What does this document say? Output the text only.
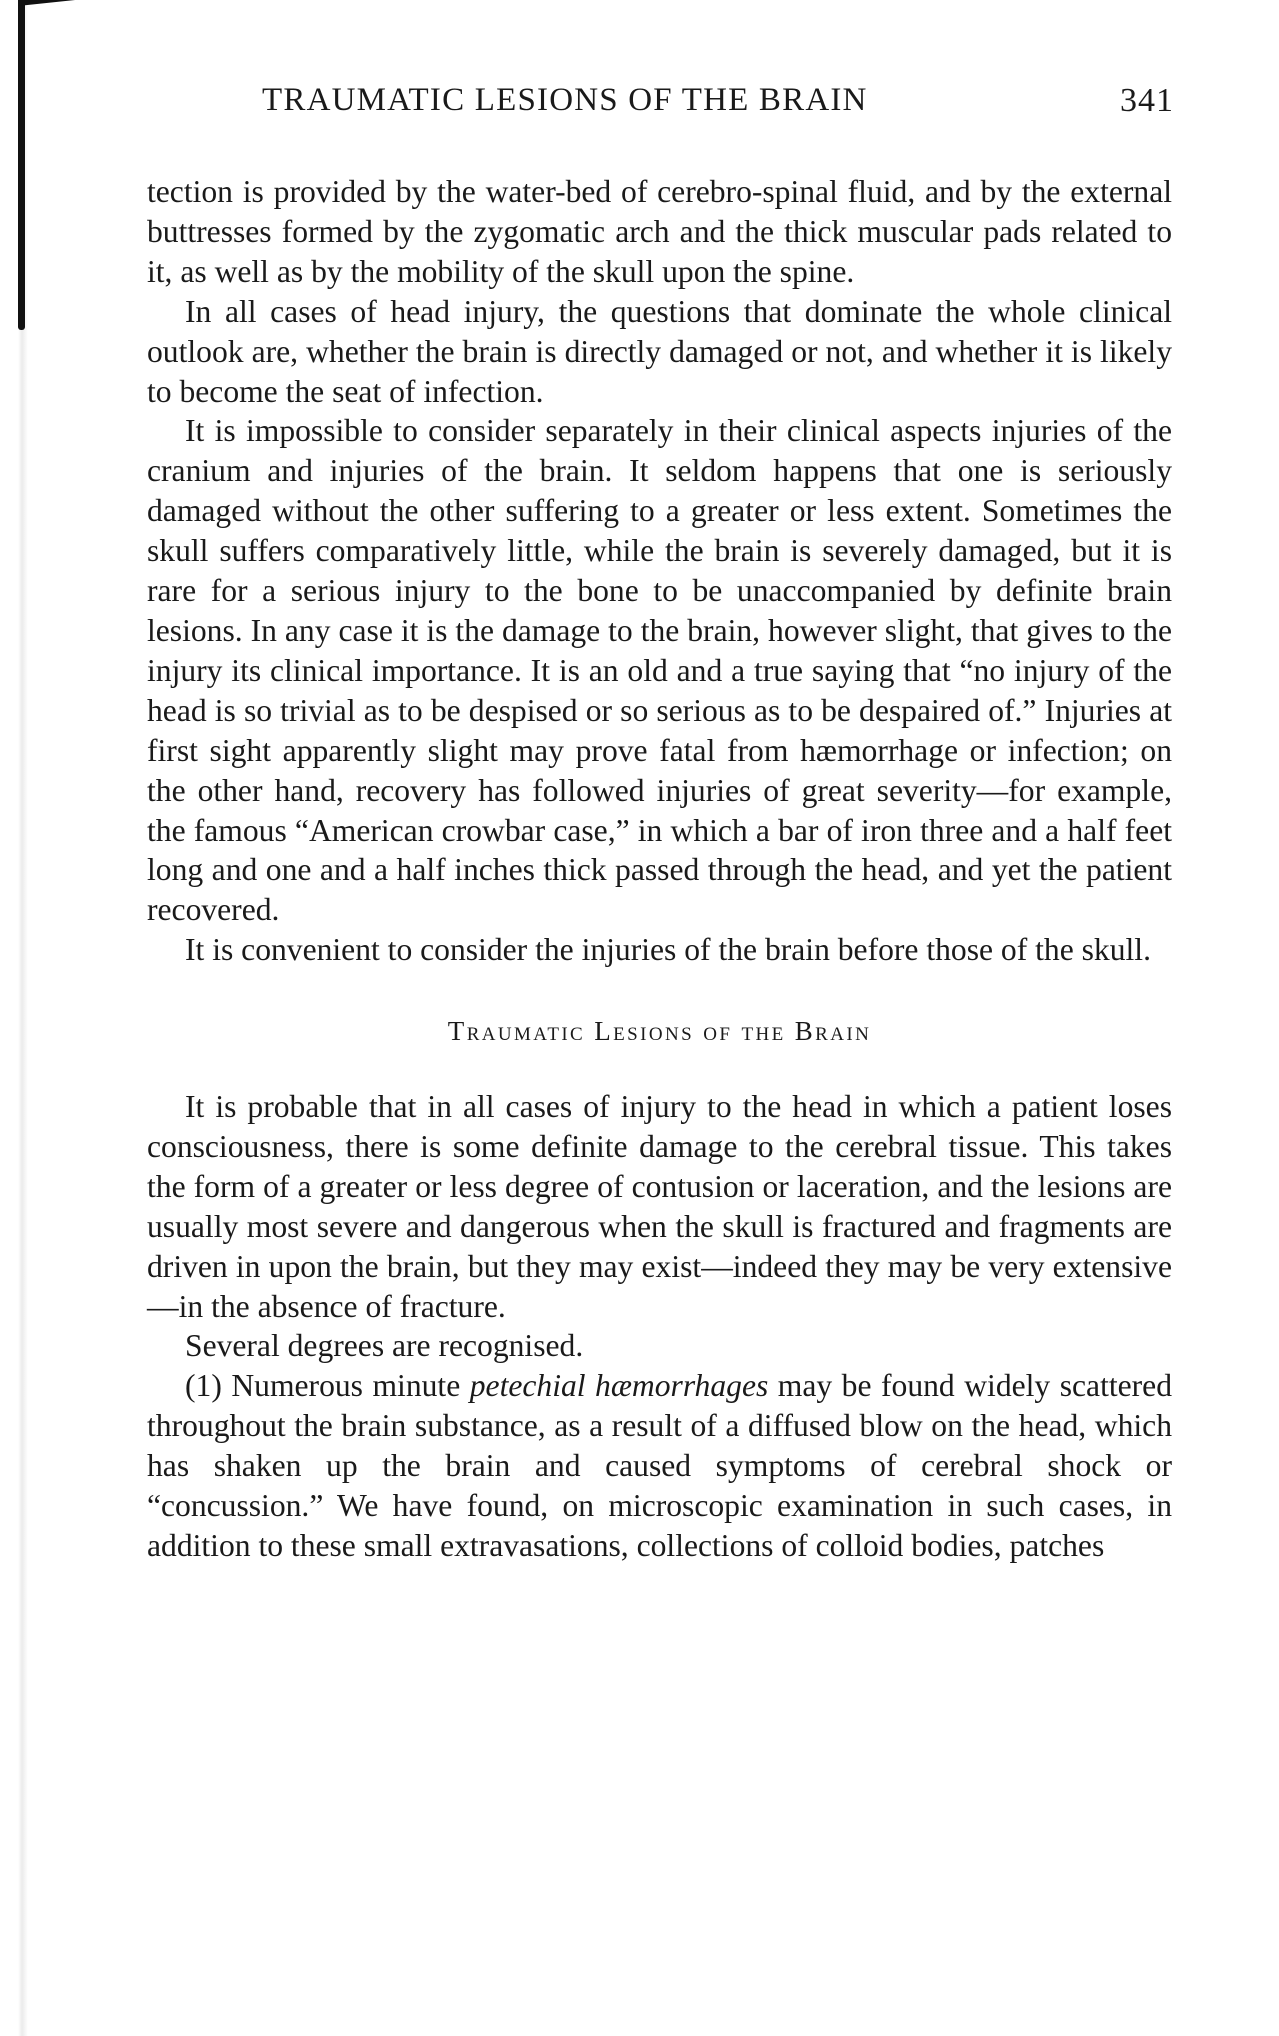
TRAUMATIC LESIONS OF THE BRAIN	341

tection is provided by the water-bed of cerebro-spinal fluid, and by the external buttresses formed by the zygomatic arch and the thick muscular pads related to it, as well as by the mobility of the skull upon the spine.

In all cases of head injury, the questions that dominate the whole clinical outlook are, whether the brain is directly damaged or not, and whether it is likely to become the seat of infection.

It is impossible to consider separately in their clinical aspects injuries of the cranium and injuries of the brain. It seldom happens that one is seriously damaged without the other suffering to a greater or less extent. Sometimes the skull suffers comparatively little, while the brain is severely damaged, but it is rare for a serious injury to the bone to be unaccompanied by definite brain lesions. In any case it is the damage to the brain, however slight, that gives to the injury its clinical importance. It is an old and a true saying that “no injury of the head is so trivial as to be despised or so serious as to be despaired of.” Injuries at first sight apparently slight may prove fatal from hæmorrhage or infection; on the other hand, recovery has followed injuries of great severity—for example, the famous “American crowbar case,” in which a bar of iron three and a half feet long and one and a half inches thick passed through the head, and yet the patient recovered.

It is convenient to consider the injuries of the brain before those of the skull.

Traumatic Lesions of the Brain

It is probable that in all cases of injury to the head in which a patient loses consciousness, there is some definite damage to the cerebral tissue. This takes the form of a greater or less degree of contusion or laceration, and the lesions are usually most severe and dangerous when the skull is fractured and fragments are driven in upon the brain, but they may exist—indeed they may be very extensive—in the absence of fracture.

Several degrees are recognised.

(1) Numerous minute petechial hæmorrhages may be found widely scattered throughout the brain substance, as a result of a diffused blow on the head, which has shaken up the brain and caused symptoms of cerebral shock or “concussion.” We have found, on microscopic examination in such cases, in addition to these small extravasations, collections of colloid bodies, patches
